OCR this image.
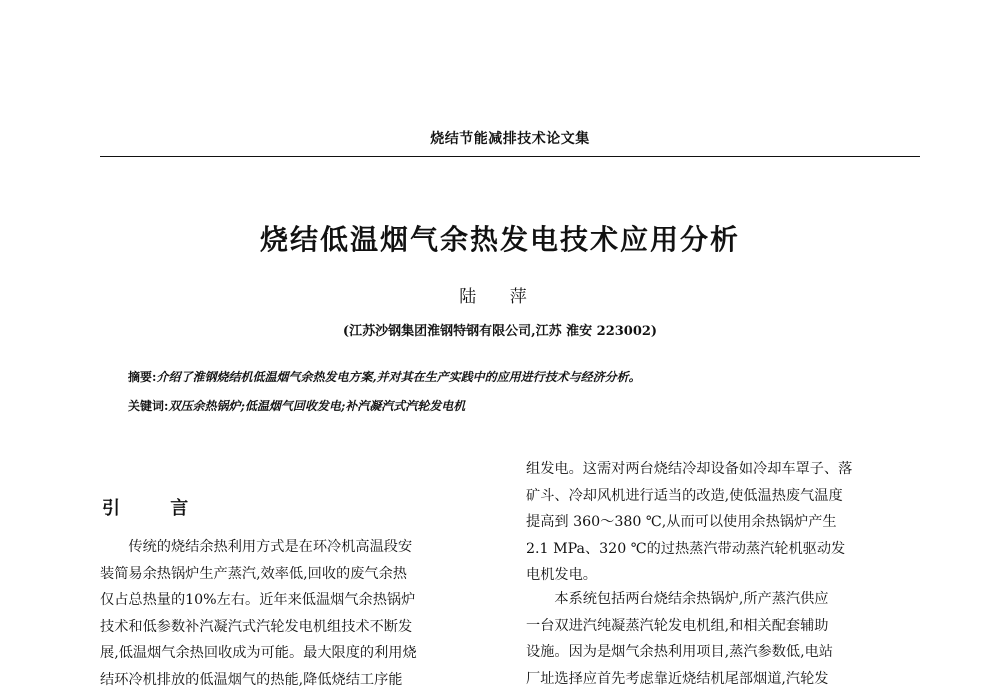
烧结节能减排技术论文集
烧结低温烟气余热发电技术应用分析
陆 萍
(江苏沙钢集团淮钢特钢有限公司,江苏 淮安 223002)
摘要:介绍了淮钢烧结机低温烟气余热发电方案,并对其在生产实践中的应用进行技术与经济分析。
关键词:双压余热锅炉;低温烟气回收发电;补汽凝汽式汽轮发电机
引 言
　　传统的烧结余热利用方式是在环冷机高温段安
装简易余热锅炉生产蒸汽,效率低,回收的废气余热
仅占总热量的10%左右。近年来低温烟气余热锅炉
技术和低参数补汽凝汽式汽轮发电机组技术不断发
展,低温烟气余热回收成为可能。最大限度的利用烧
结环冷机排放的低温烟气的热能,降低烧结工序能
组发电。这需对两台烧结冷却设备如冷却车罩子、落
矿斗、冷却风机进行适当的改造,使低温热废气温度
提高到 360～380 ℃,从而可以使用余热锅炉产生
2.1 MPa、320 ℃的过热蒸汽带动蒸汽轮机驱动发
电机发电。
　　本系统包括两台烧结余热锅炉,所产蒸汽供应
一台双进汽纯凝蒸汽轮发电机组,和相关配套辅助
设施。因为是烟气余热利用项目,蒸汽参数低,电站
厂址选择应首先考虑靠近烧结机尾部烟道,汽轮发
